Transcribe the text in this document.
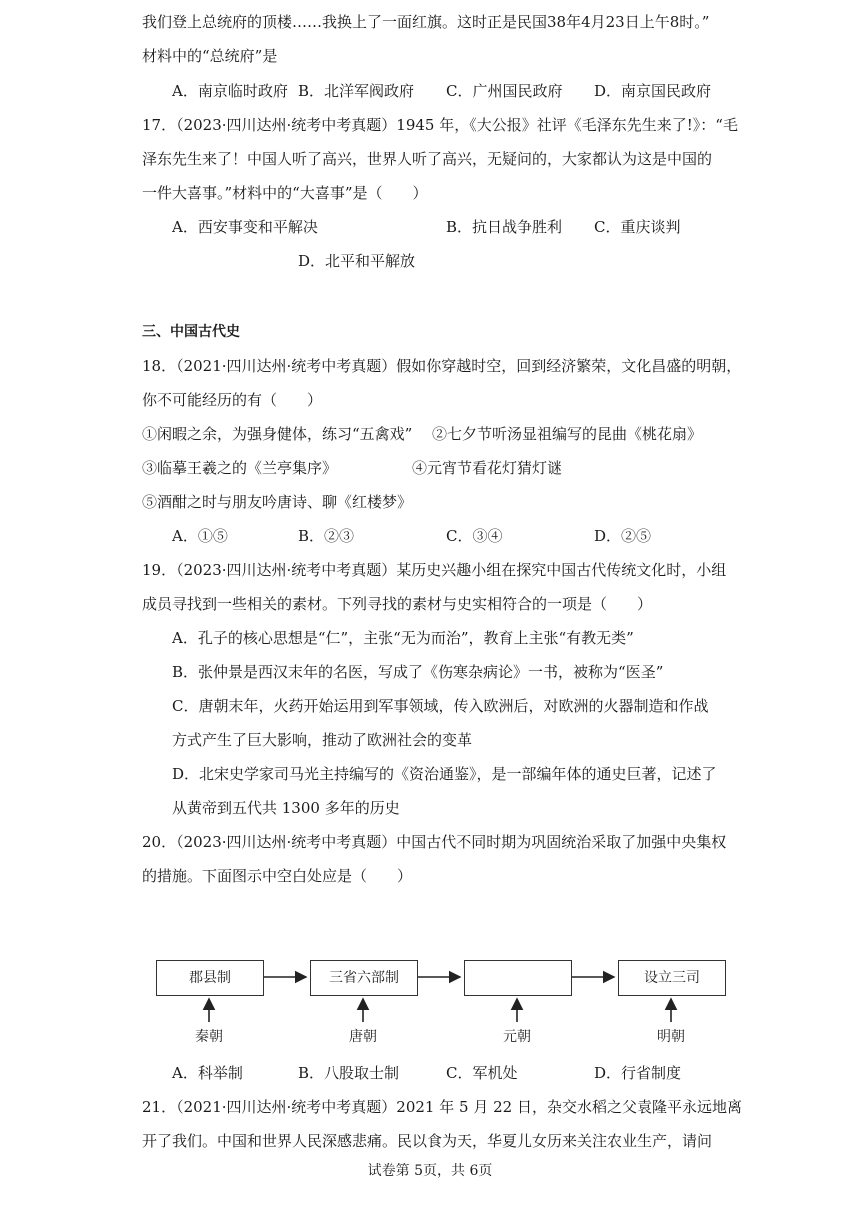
我们登上总统府的顶楼……我换上了一面红旗。这时正是民国38年4月23日上午8时。”
材料中的“总统府”是
A．南京临时政府 B．北洋军阀政府 C．广州国民政府 D．南京国民政府
17．（2023·四川达州·统考中考真题）1945 年，《大公报》社评《毛泽东先生来了!》：“毛
泽东先生来了！中国人听了高兴，世界人听了高兴，无疑问的，大家都认为这是中国的
一件大喜事。”材料中的“大喜事”是（　　）
A．西安事变和平解决	B．抗日战争胜利 C．重庆谈判
D．北平和平解放
三、中国古代史
18．（2021·四川达州·统考中考真题）假如你穿越时空，回到经济繁荣，文化昌盛的明朝，
你不可能经历的有（　　）
①闲暇之余，为强身健体，练习“五禽戏” ②七夕节听汤显祖编写的昆曲《桃花扇》
③临摹王羲之的《兰亭集序》	④元宵节看花灯猜灯谜
⑤酒酣之时与朋友吟唐诗、聊《红楼梦》
A．①⑤	B．②③	C．③④	D．②⑤
19．（2023·四川达州·统考中考真题）某历史兴趣小组在探究中国古代传统文化时，小组
成员寻找到一些相关的素材。下列寻找的素材与史实相符合的一项是（　　）
A．孔子的核心思想是“仁”，主张“无为而治”，教育上主张“有教无类”
B．张仲景是西汉末年的名医，写成了《伤寒杂病论》一书，被称为“医圣”
C．唐朝末年，火药开始运用到军事领域，传入欧洲后，对欧洲的火器制造和作战
方式产生了巨大影响，推动了欧洲社会的变革
D．北宋史学家司马光主持编写的《资治通鉴》，是一部编年体的通史巨著，记述了
从黄帝到五代共 1300 多年的历史
20．（2023·四川达州·统考中考真题）中国古代不同时期为巩固统治采取了加强中央集权
的措施。下面图示中空白处应是（　　）
郡县制	三省六部制	设立三司
秦朝	唐朝	元朝	明朝
A．科举制	B．八股取士制	C．军机处	D．行省制度
21．（2021·四川达州·统考中考真题）2021 年 5 月 22 日，杂交水稻之父袁隆平永远地离
开了我们。中国和世界人民深感悲痛。民以食为天，华夏儿女历来关注农业生产，请问
试卷第 5页，共 6页
